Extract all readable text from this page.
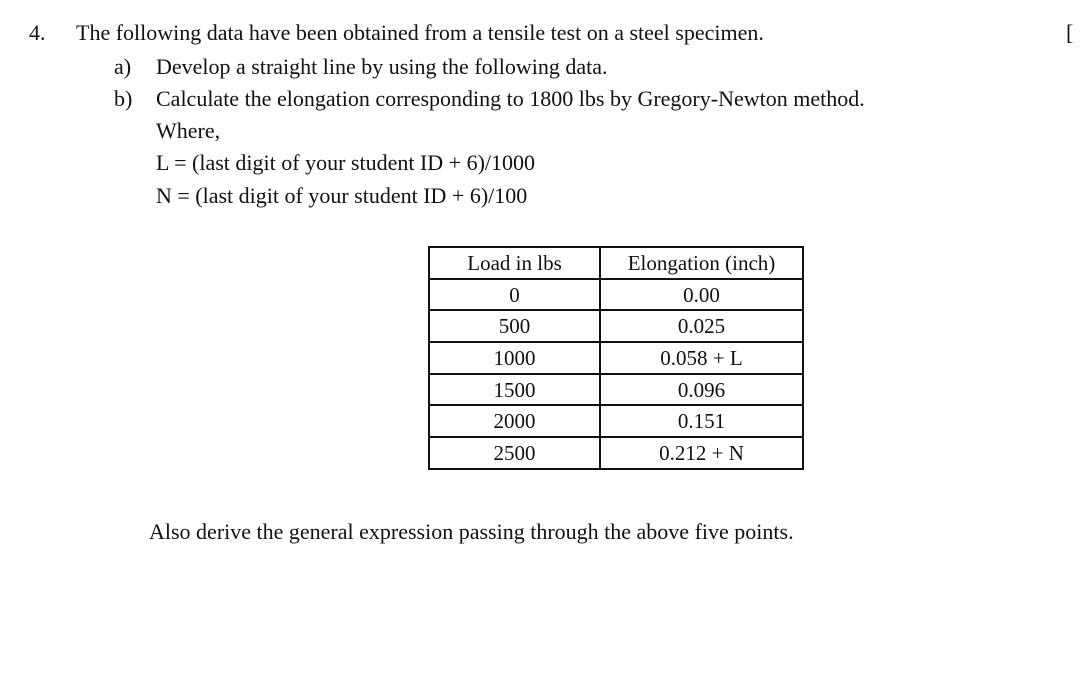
4. The following data have been obtained from a tensile test on a steel specimen.	[
a) Develop a straight line by using the following data.
b) Calculate the elongation corresponding to 1800 lbs by Gregory-Newton method.
Where,
L = (last digit of your student ID + 6)/1000
N = (last digit of your student ID + 6)/100
Load in lbs	Elongation (inch)
0	0.00
500	0.025
1000	0.058 + L
1500	0.096
2000	0.151
2500	0.212 + N
Also derive the general expression passing through the above five points.
